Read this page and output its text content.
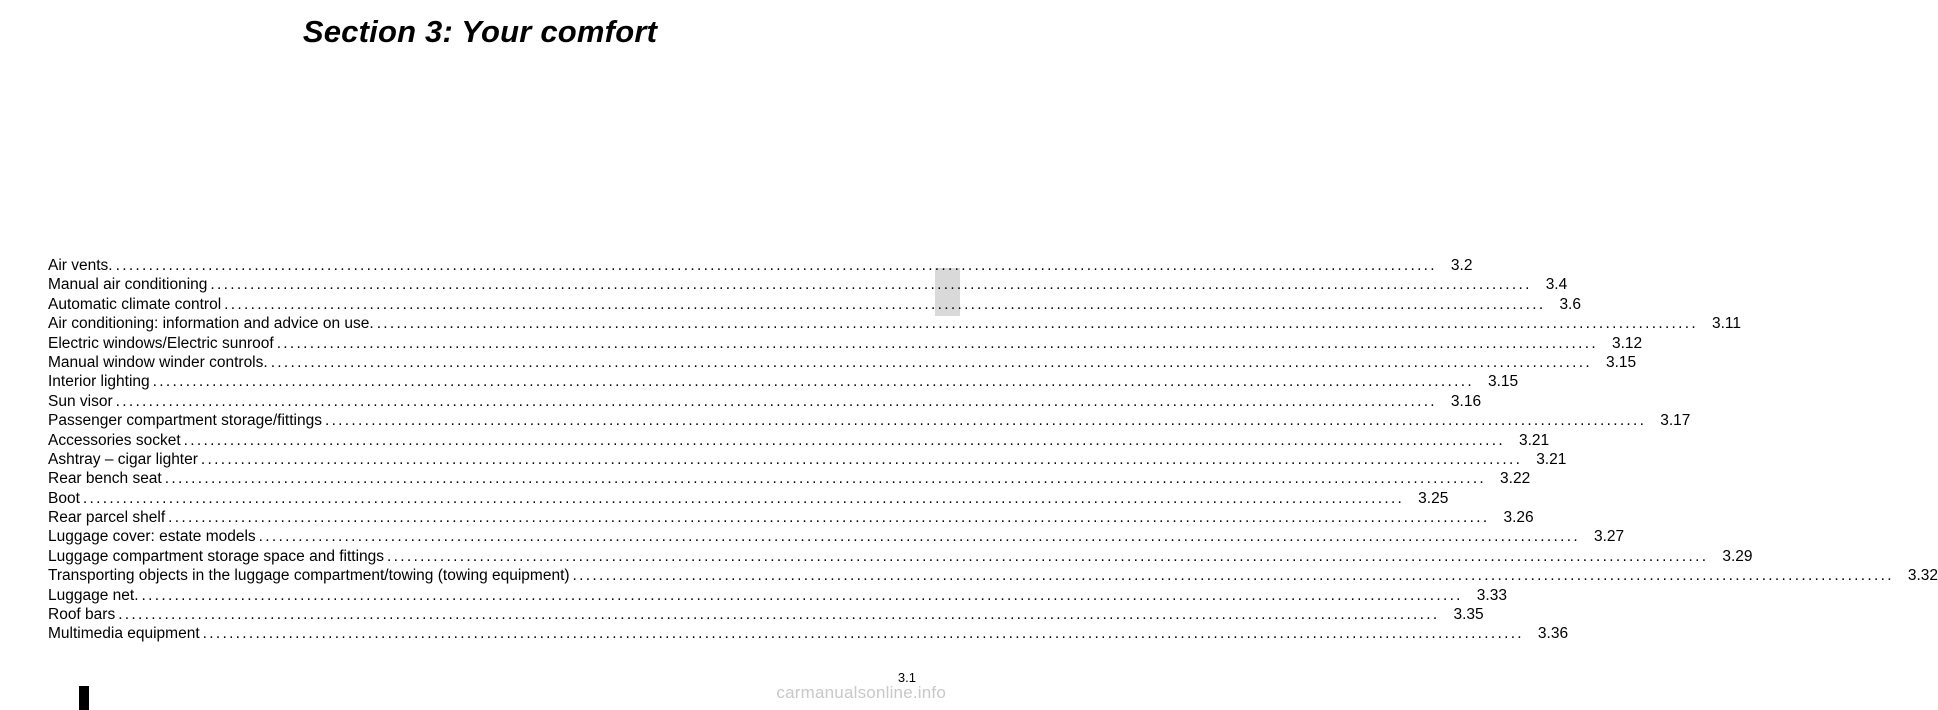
Section 3: Your comfort
Air vents. ........................................................................................................................................................................................................ 3.2
Manual air conditioning ........................................................................................................................................................................................................ 3.4
Automatic climate control ........................................................................................................................................................................................................ 3.6
Air conditioning: information and advice on use. ........................................................................................................................................................................................................ 3.11
Electric windows/Electric sunroof ........................................................................................................................................................................................................ 3.12
Manual window winder controls. ........................................................................................................................................................................................................ 3.15
Interior lighting ........................................................................................................................................................................................................ 3.15
Sun visor ........................................................................................................................................................................................................ 3.16
Passenger compartment storage/fittings ........................................................................................................................................................................................................ 3.17
Accessories socket ........................................................................................................................................................................................................ 3.21
Ashtray – cigar lighter ........................................................................................................................................................................................................ 3.21
Rear bench seat ........................................................................................................................................................................................................ 3.22
Boot ........................................................................................................................................................................................................ 3.25
Rear parcel shelf ........................................................................................................................................................................................................ 3.26
Luggage cover: estate models ........................................................................................................................................................................................................ 3.27
Luggage compartment storage space and fittings ........................................................................................................................................................................................................ 3.29
Transporting objects in the luggage compartment/towing (towing equipment) ........................................................................................................................................................................................................ 3.32
Luggage net. ........................................................................................................................................................................................................ 3.33
Roof bars ........................................................................................................................................................................................................ 3.35
Multimedia equipment ........................................................................................................................................................................................................ 3.36
3.1
carmanualsonline.info
